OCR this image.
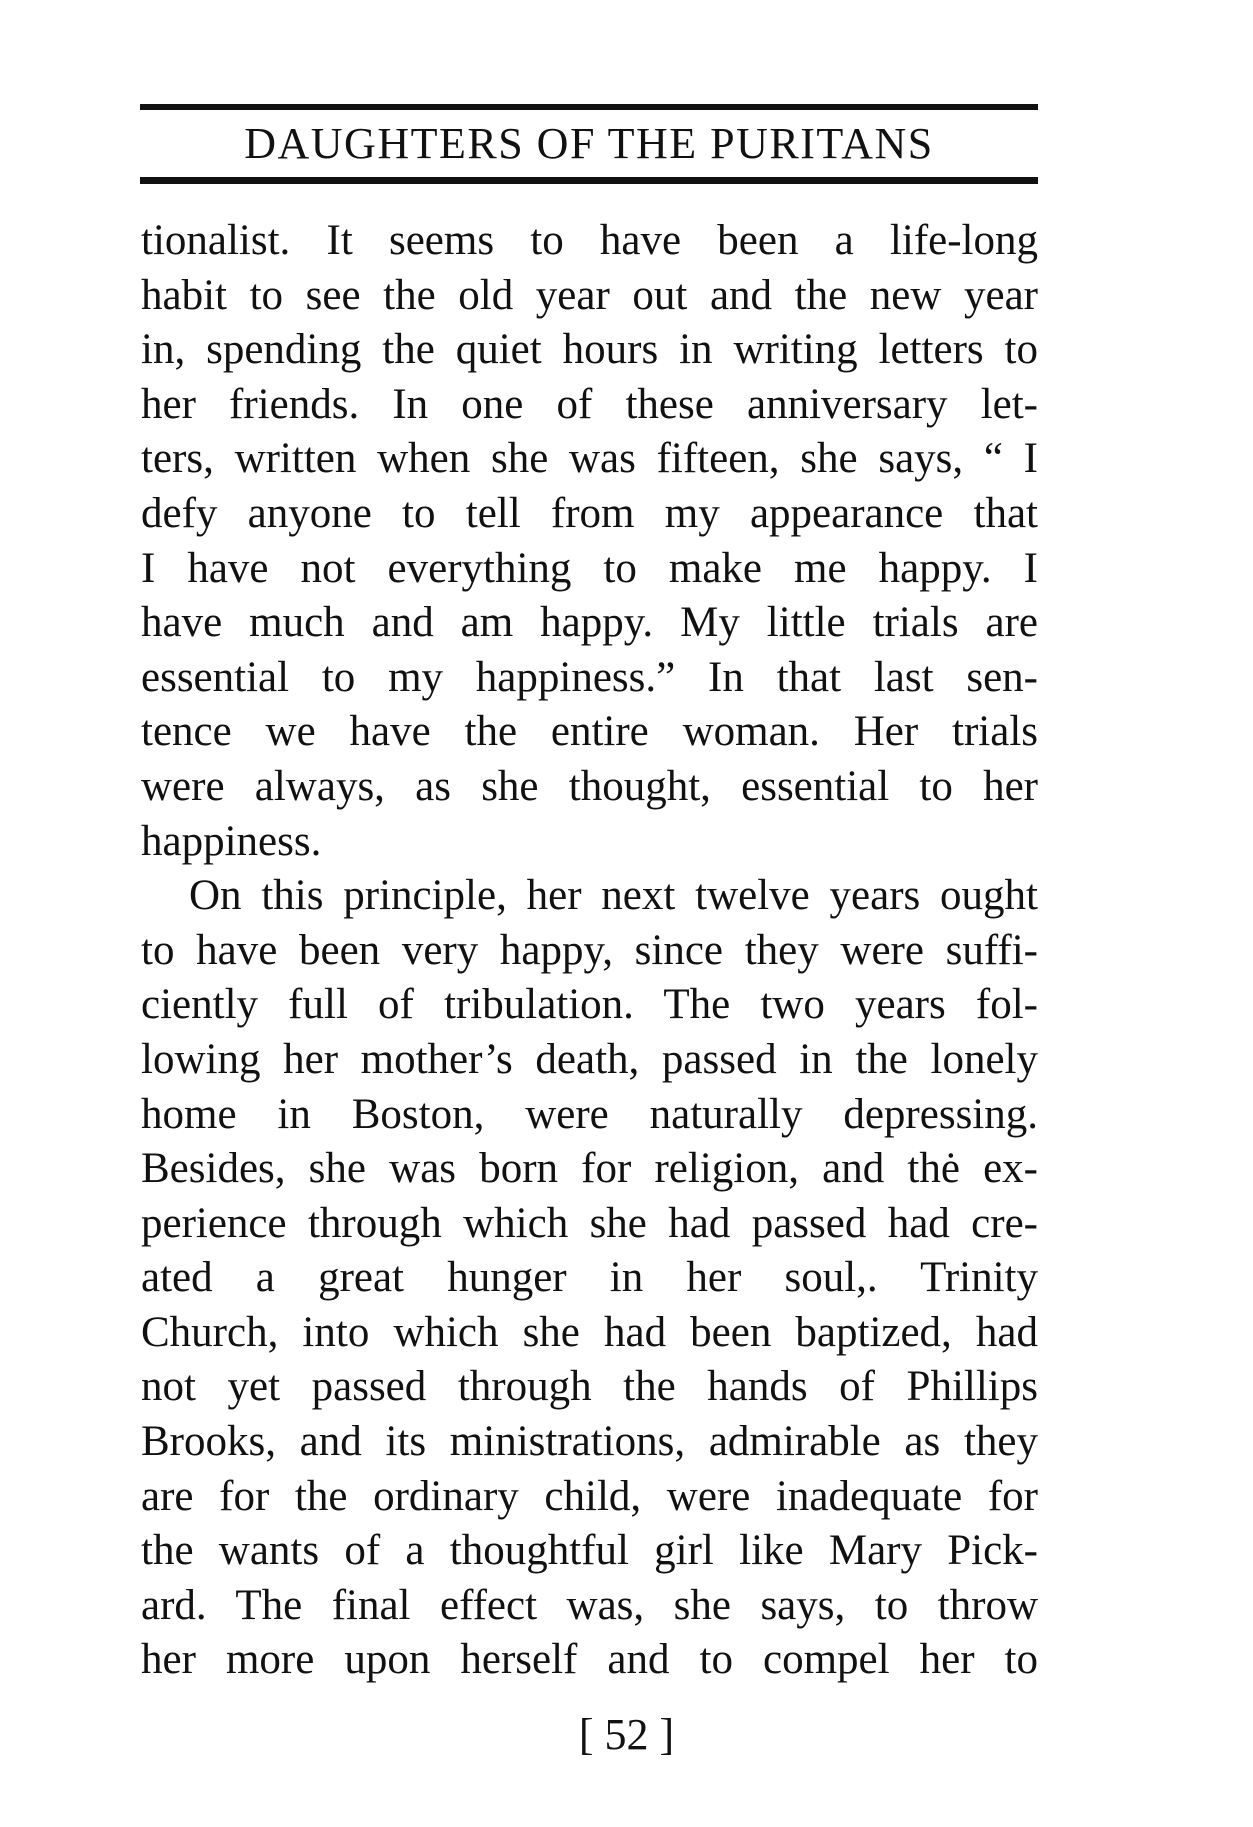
DAUGHTERS OF THE PURITANS
tionalist. It seems to have been a life-long
habit to see the old year out and the new year
in, spending the quiet hours in writing letters to
her friends. In one of these anniversary let-
ters, written when she was fifteen, she says, “ I
defy anyone to tell from my appearance that
I have not everything to make me happy. I
have much and am happy. My little trials are
essential to my happiness.” In that last sen-
tence we have the entire woman. Her trials
were always, as she thought, essential to her
happiness.
On this principle, her next twelve years ought
to have been very happy, since they were suffi-
ciently full of tribulation. The two years fol-
lowing her mother’s death, passed in the lonely
home in Boston, were naturally depressing.
Besides, she was born for religion, and thė ex-
perience through which she had passed had cre-
ated a great hunger in her soul,. Trinity
Church, into which she had been baptized, had
not yet passed through the hands of Phillips
Brooks, and its ministrations, admirable as they
are for the ordinary child, were inadequate for
the wants of a thoughtful girl like Mary Pick-
ard. The final effect was, she says, to throw
her more upon herself and to compel her to
[ 52 ]
